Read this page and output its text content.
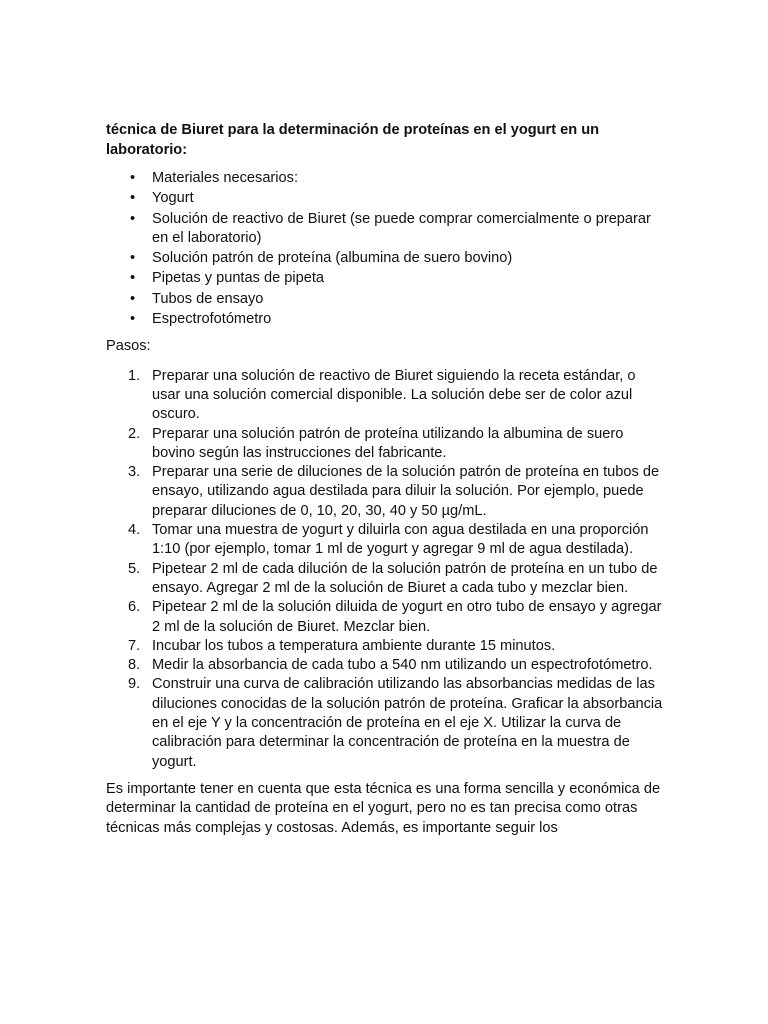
técnica de Biuret para la determinación de proteínas en el yogurt en un laboratorio:

• Materiales necesarios:
• Yogurt
• Solución de reactivo de Biuret (se puede comprar comercialmente o preparar en el laboratorio)
• Solución patrón de proteína (albumina de suero bovino)
• Pipetas y puntas de pipeta
• Tubos de ensayo
• Espectrofotómetro

Pasos:

1. Preparar una solución de reactivo de Biuret siguiendo la receta estándar, o usar una solución comercial disponible. La solución debe ser de color azul oscuro.
2. Preparar una solución patrón de proteína utilizando la albumina de suero bovino según las instrucciones del fabricante.
3. Preparar una serie de diluciones de la solución patrón de proteína en tubos de ensayo, utilizando agua destilada para diluir la solución. Por ejemplo, puede preparar diluciones de 0, 10, 20, 30, 40 y 50 µg/mL.
4. Tomar una muestra de yogurt y diluirla con agua destilada en una proporción 1:10 (por ejemplo, tomar 1 ml de yogurt y agregar 9 ml de agua destilada).
5. Pipetear 2 ml de cada dilución de la solución patrón de proteína en un tubo de ensayo. Agregar 2 ml de la solución de Biuret a cada tubo y mezclar bien.
6. Pipetear 2 ml de la solución diluida de yogurt en otro tubo de ensayo y agregar 2 ml de la solución de Biuret. Mezclar bien.
7. Incubar los tubos a temperatura ambiente durante 15 minutos.
8. Medir la absorbancia de cada tubo a 540 nm utilizando un espectrofotómetro.
9. Construir una curva de calibración utilizando las absorbancias medidas de las diluciones conocidas de la solución patrón de proteína. Graficar la absorbancia en el eje Y y la concentración de proteína en el eje X. Utilizar la curva de calibración para determinar la concentración de proteína en la muestra de yogurt.

Es importante tener en cuenta que esta técnica es una forma sencilla y económica de determinar la cantidad de proteína en el yogurt, pero no es tan precisa como otras técnicas más complejas y costosas. Además, es importante seguir los
